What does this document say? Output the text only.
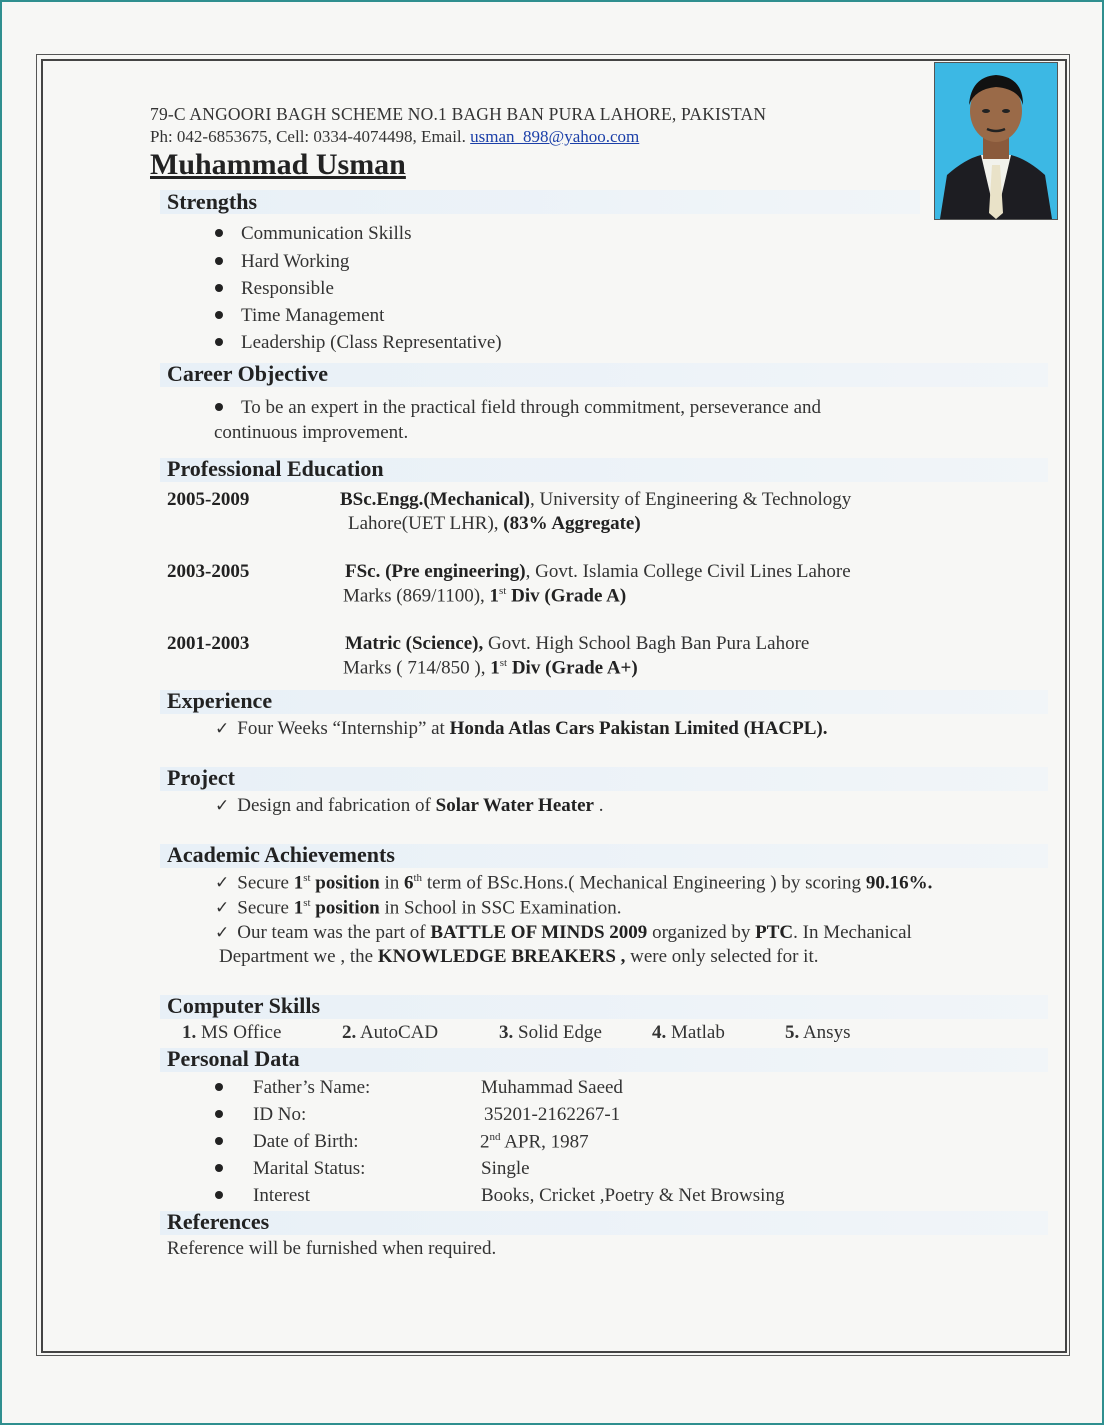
79-C ANGOORI BAGH SCHEME NO.1 BAGH BAN PURA LAHORE, PAKISTAN
Ph: 042-6853675, Cell: 0334-4074498, Email. usman_898@yahoo.com
Muhammad Usman
Strengths
Communication Skills
Hard Working
Responsible
Time Management
Leadership (Class Representative)
Career Objective
To be an expert in the practical field through commitment, perseverance and
continuous improvement.
Professional Education
2005-2009	BSc.Engg.(Mechanical), University of Engineering & Technology
Lahore(UET LHR), (83% Aggregate)
2003-2005	FSc. (Pre engineering), Govt. Islamia College Civil Lines Lahore
Marks (869/1100), 1st Div (Grade A)
2001-2003	Matric (Science), Govt. High School Bagh Ban Pura Lahore
Marks ( 714/850 ), 1st Div (Grade A+)
Experience
✓ Four Weeks “Internship” at Honda Atlas Cars Pakistan Limited (HACPL).
Project
✓ Design and fabrication of Solar Water Heater .
Academic Achievements
✓ Secure 1st position in 6th term of BSc.Hons.( Mechanical Engineering ) by scoring 90.16%.
✓ Secure 1st position in School in SSC Examination.
✓ Our team was the part of BATTLE OF MINDS 2009 organized by PTC. In Mechanical
Department we , the KNOWLEDGE BREAKERS , were only selected for it.
Computer Skills
1. MS Office	2. AutoCAD	3. Solid Edge	4. Matlab	5. Ansys
Personal Data
Father’s Name:	Muhammad Saeed
ID No:	35201-2162267-1
Date of Birth:	2nd APR, 1987
Marital Status:	Single
Interest	Books, Cricket ,Poetry & Net Browsing
References
Reference will be furnished when required.
